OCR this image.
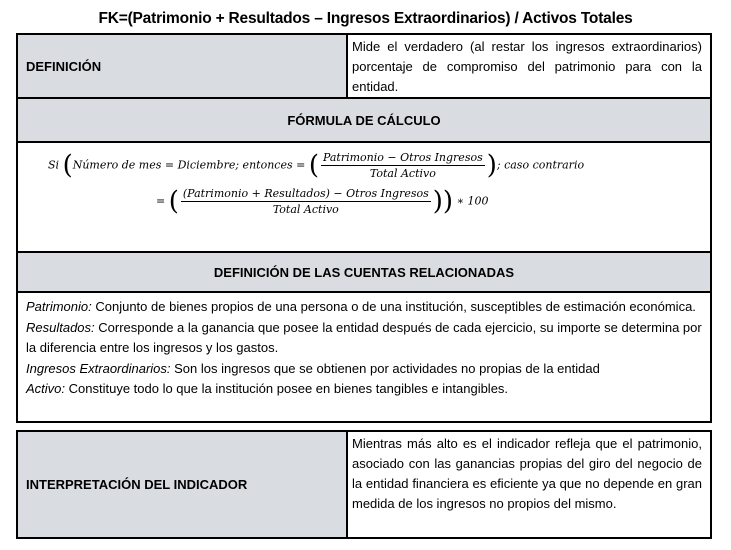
FK=(Patrimonio + Resultados – Ingresos Extraordinarios) / Activos Totales
DEFINICIÓN
Mide el verdadero (al restar los ingresos extraordinarios) porcentaje de compromiso del patrimonio para con la entidad.
FÓRMULA DE CÁLCULO
Si (Número de mes = Diciembre; entonces = ( $\frac{\text{Patrimonio − Otros Ingresos}}{\text{Total Activo}}$ ); caso contrario
= ( $\frac{\text{(Patrimonio + Resultados) − Otros Ingresos}}{\text{Total Activo}}$ )) ∗ 100
DEFINICIÓN DE LAS CUENTAS RELACIONADAS
Patrimonio: Conjunto de bienes propios de una persona o de una institución, susceptibles de estimación económica.
Resultados: Corresponde a la ganancia que posee la entidad después de cada ejercicio, su importe se determina por la diferencia entre los ingresos y los gastos.
Ingresos Extraordinarios: Son los ingresos que se obtienen por actividades no propias de la entidad
Activo: Constituye todo lo que la institución posee en bienes tangibles e intangibles.
INTERPRETACIÓN DEL INDICADOR
Mientras más alto es el indicador refleja que el patrimonio, asociado con las ganancias propias del giro del negocio de la entidad financiera es eficiente ya que no depende en gran medida de los ingresos no propios del mismo.
